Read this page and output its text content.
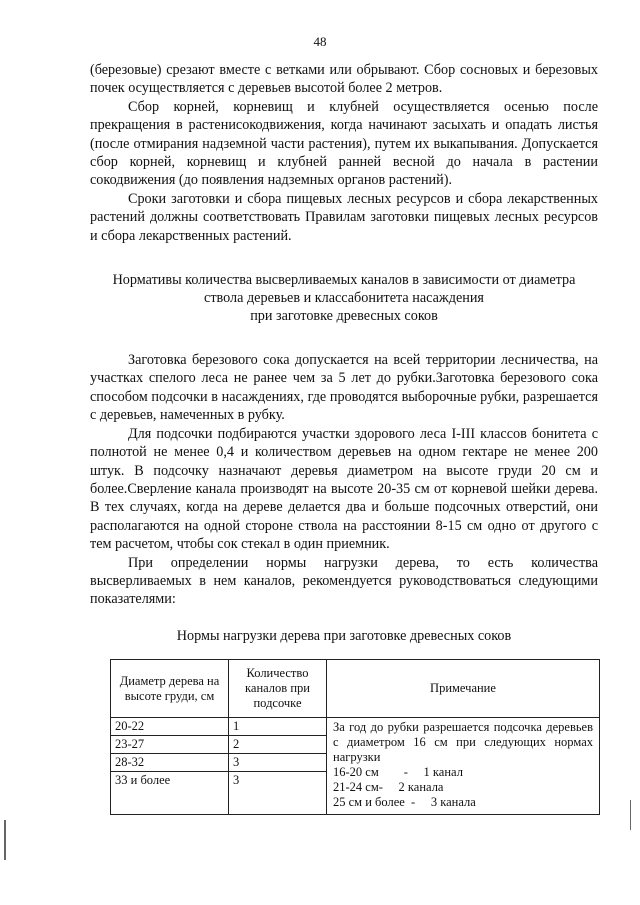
48

(березовые) срезают вместе с ветками или обрывают. Сбор сосновых и березовых почек осуществляется с деревьев высотой более 2 метров.

Сбор корней, корневищ и клубней осуществляется осенью после прекращения в растенисокодвижения, когда начинают засыхать и опадать листья (после отмирания надземной части растения), путем их выкапывания. Допускается сбор корней, корневищ и клубней ранней весной до начала в растении сокодвижения (до появления надземных органов растений).

Сроки заготовки и сбора пищевых лесных ресурсов и сбора лекарственных растений должны соответствовать Правилам заготовки пищевых лесных ресурсов и сбора лекарственных растений.

Нормативы количества высверливаемых каналов в зависимости от диаметра
ствола деревьев и классабонитета насаждения
при заготовке древесных соков

Заготовка березового сока допускается на всей территории лесничества, на участках спелого леса не ранее чем за 5 лет до рубки.Заготовка березового сока способом подсочки в насаждениях, где проводятся выборочные рубки, разрешается с деревьев, намеченных в рубку.

Для подсочки подбираются участки здорового леса I-III классов бонитета с полнотой не менее 0,4 и количеством деревьев на одном гектаре не менее 200 штук. В подсочку назначают деревья диаметром на высоте груди 20 см и более.Сверление канала производят на высоте 20-35 см от корневой шейки дерева. В тех случаях, когда на дереве делается два и больше подсочных отверстий, они располагаются на одной стороне ствола на расстоянии 8-15 см одно от другого с тем расчетом, чтобы сок стекал в один приемник.

При определении нормы нагрузки дерева, то есть количества высверливаемых в нем каналов, рекомендуется руководствоваться следующими показателями:

Нормы нагрузки дерева при заготовке древесных соков
Диаметр дерева на высоте груди, см	Количество каналов при подсочке	Примечание
20-22	1	За год до рубки разрешается подсочка деревьев с диаметром 16 см при следующих нормах нагрузки
16-20 см        -     1 канал
21-24 см-     2 канала
25 см и более  -     3 канала

23-27	2	
28-32	3	
33 и более	3	
